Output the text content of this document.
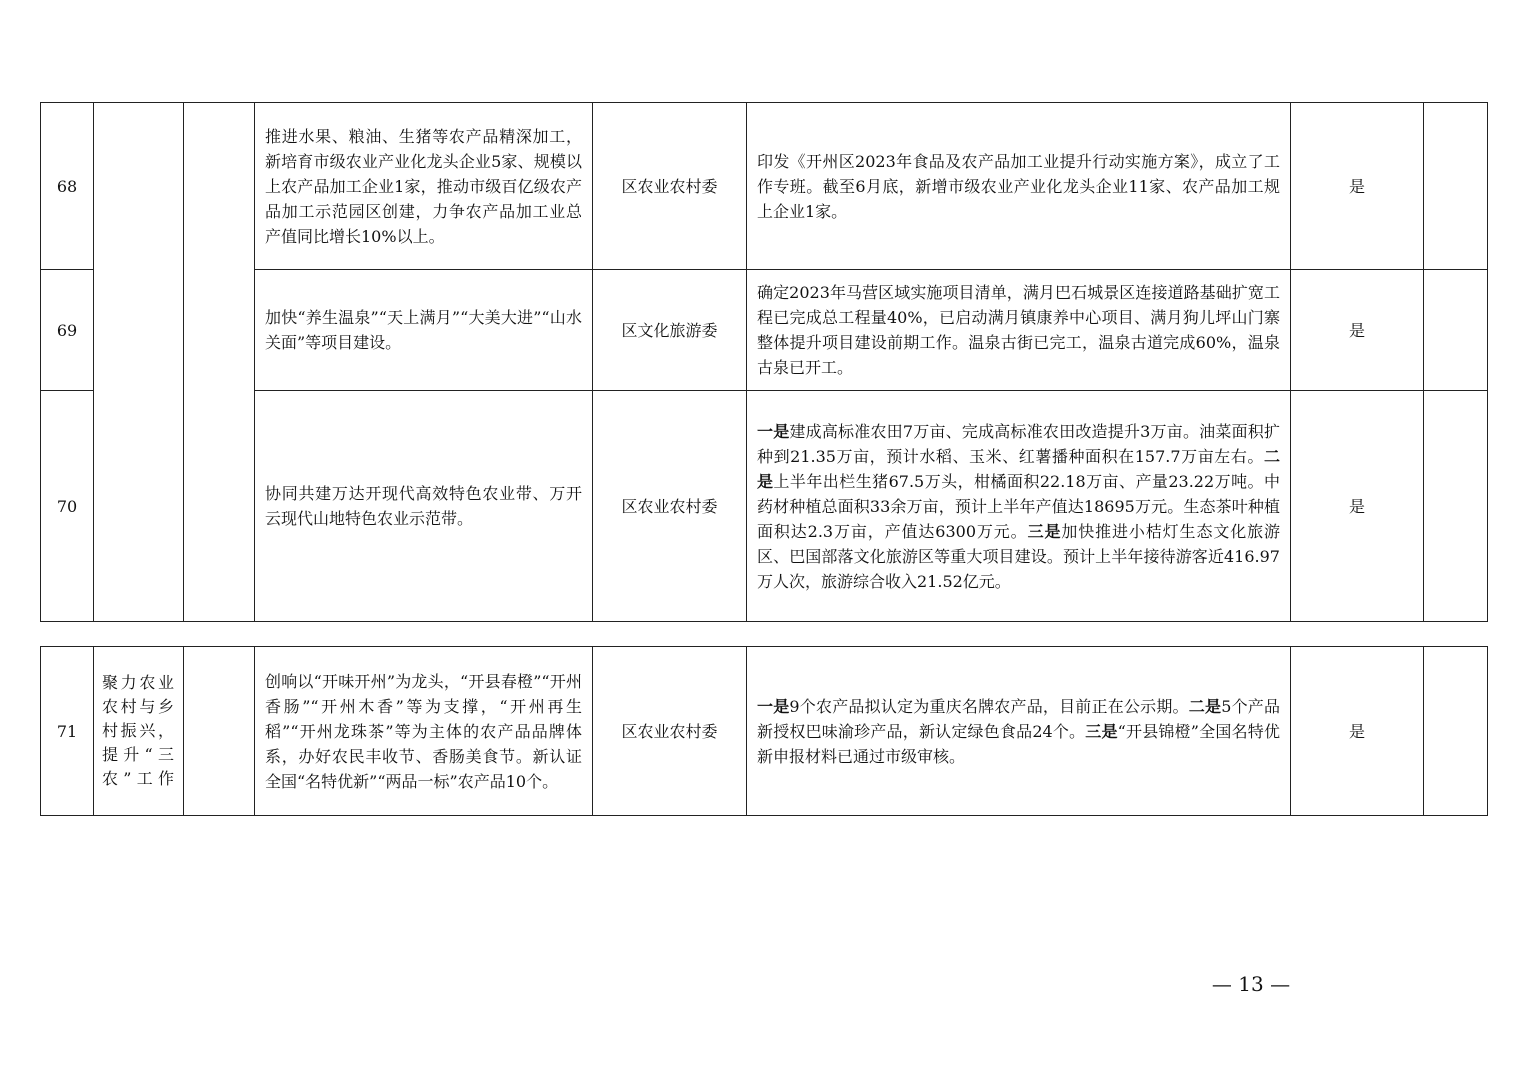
68			推进水果、粮油、生猪等农产品精深加工，新培育市级农业产业化龙头企业5家、规模以上农产品加工企业1家，推动市级百亿级农产品加工示范园区创建，力争农产品加工业总产值同比增长10%以上。	区农业农村委	印发《开州区2023年食品及农产品加工业提升行动实施方案》，成立了工作专班。截至6月底，新增市级农业产业化龙头企业11家、农产品加工规上企业1家。	是	
69			加快“养生温泉”“天上满月”“大美大进”“山水关面”等项目建设。	区文化旅游委	确定2023年马营区域实施项目清单，满月巴石城景区连接道路基础扩宽工程已完成总工程量40%，已启动满月镇康养中心项目、满月狗儿坪山门寨整体提升项目建设前期工作。温泉古街已完工，温泉古道完成60%，温泉古泉已开工。	是	
70			协同共建万达开现代高效特色农业带、万开云现代山地特色农业示范带。	区农业农村委	一是建成高标准农田7万亩、完成高标准农田改造提升3万亩。油菜面积扩种到21.35万亩，预计水稻、玉米、红薯播种面积在157.7万亩左右。二是上半年出栏生猪67.5万头，柑橘面积22.18万亩、产量23.22万吨。中药材种植总面积33余万亩，预计上半年产值达18695万元。生态茶叶种植面积达2.3万亩，产值达6300万元。三是加快推进小桔灯生态文化旅游区、巴国部落文化旅游区等重大项目建设。预计上半年接待游客近416.97万人次，旅游综合收入21.52亿元。	是	
71	聚力农业农村与乡村振兴，提升“三农”工作		创响以“开味开州”为龙头，“开县春橙”“开州香肠”“开州木香”等为支撑，“开州再生稻”“开州龙珠茶”等为主体的农产品品牌体系，办好农民丰收节、香肠美食节。新认证全国“名特优新”“两品一标”农产品10个。	区农业农村委	一是9个农产品拟认定为重庆名牌农产品，目前正在公示期。二是5个产品新授权巴味渝珍产品，新认定绿色食品24个。三是“开县锦橙”全国名特优新申报材料已通过市级审核。	是	
— 13 —
